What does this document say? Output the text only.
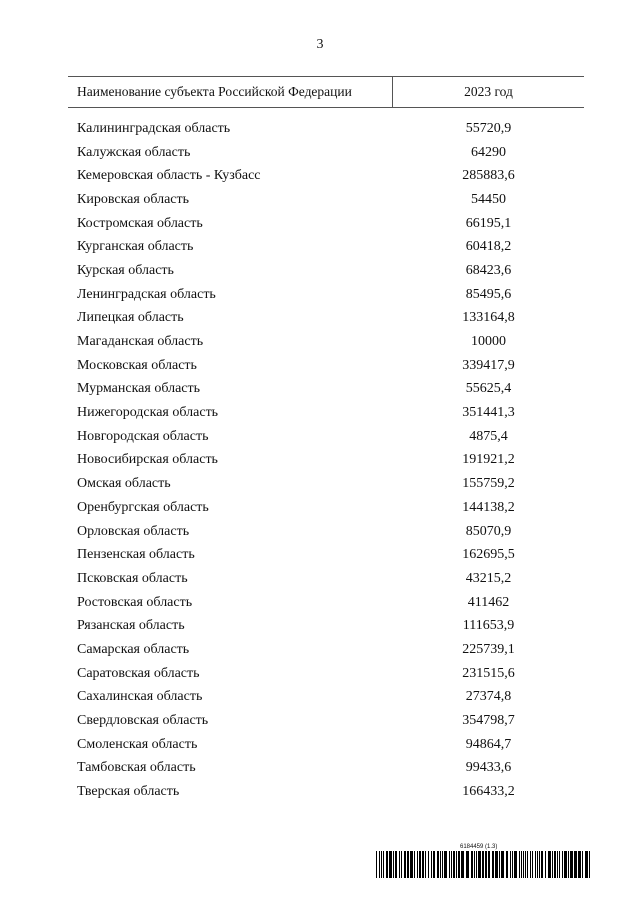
3
Наименование субъекта Российской Федерации	2023 год
Калининградская область	55720,9
Калужская область	64290
Кемеровская область - Кузбасс	285883,6
Кировская область	54450
Костромская область	66195,1
Курганская область	60418,2
Курская область	68423,6
Ленинградская область	85495,6
Липецкая область	133164,8
Магаданская область	10000
Московская область	339417,9
Мурманская область	55625,4
Нижегородская область	351441,3
Новгородская область	4875,4
Новосибирская область	191921,2
Омская область	155759,2
Оренбургская область	144138,2
Орловская область	85070,9
Пензенская область	162695,5
Псковская область	43215,2
Ростовская область	411462
Рязанская область	111653,9
Самарская область	225739,1
Саратовская область	231515,6
Сахалинская область	27374,8
Свердловская область	354798,7
Смоленская область	94864,7
Тамбовская область	99433,6
Тверская область	166433,2
6184459 (1.3)
